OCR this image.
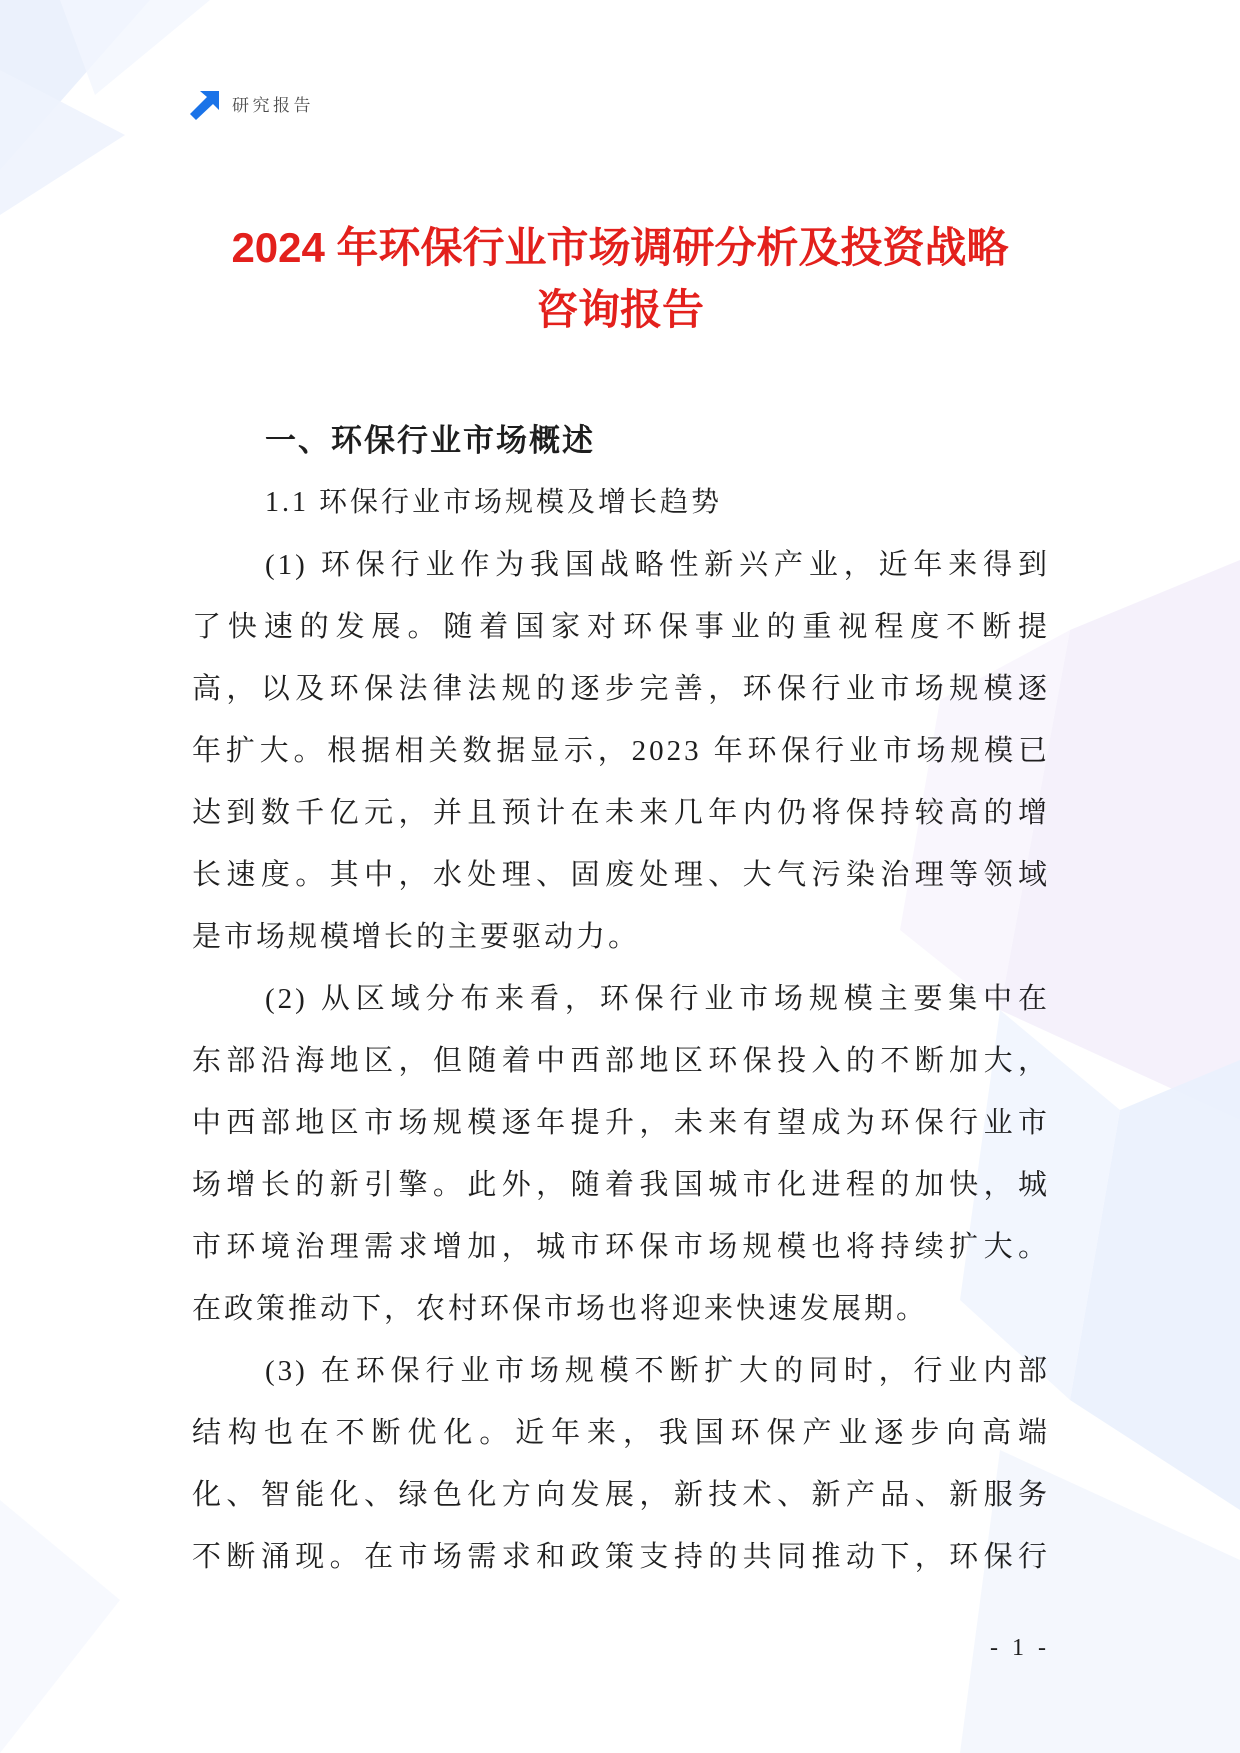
研究报告
2024 年环保行业市场调研分析及投资战略
咨询报告
一、环保行业市场概述
1.1 环保行业市场规模及增长趋势
(1) 环保行业作为我国战略性新兴产业，近年来得到
了快速的发展。随着国家对环保事业的重视程度不断提
高，以及环保法律法规的逐步完善，环保行业市场规模逐
年扩大。根据相关数据显示，2023 年环保行业市场规模已
达到数千亿元，并且预计在未来几年内仍将保持较高的增
长速度。其中，水处理、固废处理、大气污染治理等领域
是市场规模增长的主要驱动力。
(2) 从区域分布来看，环保行业市场规模主要集中在
东部沿海地区，但随着中西部地区环保投入的不断加大，
中西部地区市场规模逐年提升，未来有望成为环保行业市
场增长的新引擎。此外，随着我国城市化进程的加快，城
市环境治理需求增加，城市环保市场规模也将持续扩大。
在政策推动下，农村环保市场也将迎来快速发展期。
(3) 在环保行业市场规模不断扩大的同时，行业内部
结构也在不断优化。近年来，我国环保产业逐步向高端
化、智能化、绿色化方向发展，新技术、新产品、新服务
不断涌现。在市场需求和政策支持的共同推动下，环保行
- 1 -
